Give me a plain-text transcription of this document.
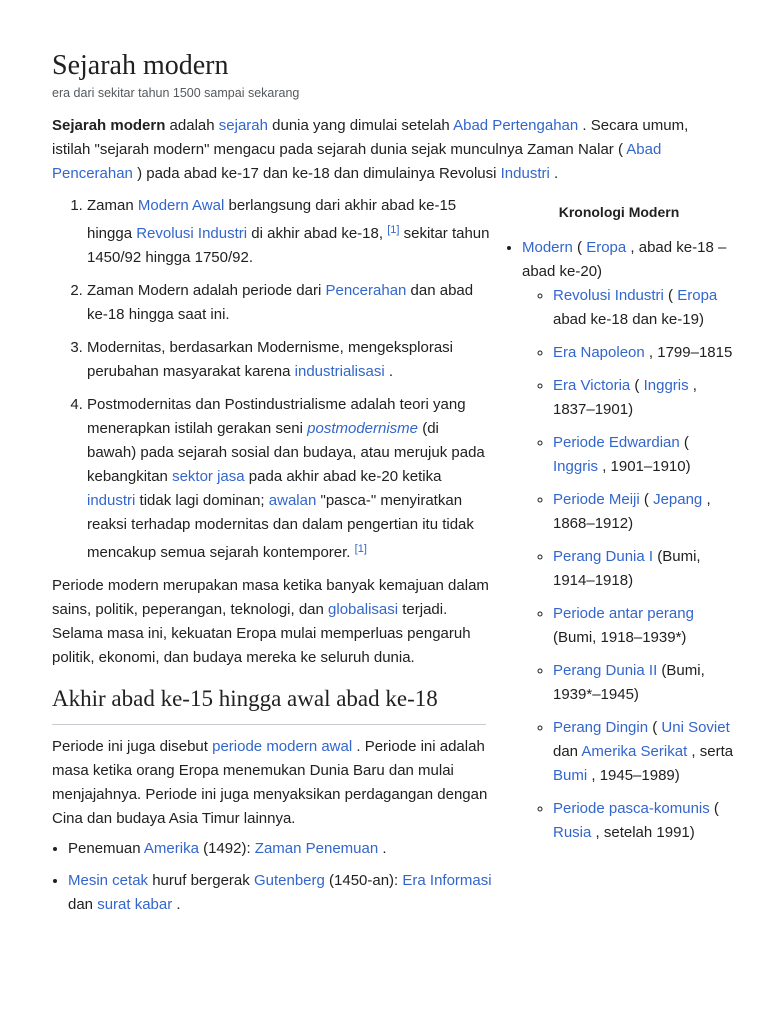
Sejarah modern
era dari sekitar tahun 1500 sampai sekarang
Sejarah modern adalah sejarah dunia yang dimulai setelah Abad Pertengahan . Secara umum, istilah "sejarah modern" mengacu pada sejarah dunia sejak munculnya Zaman Nalar ( Abad Pencerahan ) pada abad ke-17 dan ke-18 dan dimulainya Revolusi Industri .
1. Zaman Modern Awal berlangsung dari akhir abad ke-15 hingga Revolusi Industri di akhir abad ke-18, [1] sekitar tahun 1450/92 hingga 1750/92.
2. Zaman Modern adalah periode dari Pencerahan dan abad ke-18 hingga saat ini.
3. Modernitas, berdasarkan Modernisme, mengeksplorasi perubahan masyarakat karena industrialisasi .
4. Postmodernitas dan Postindustrialisme adalah teori yang menerapkan istilah gerakan seni postmodernisme (di bawah) pada sejarah sosial dan budaya, atau merujuk pada kebangkitan sektor jasa pada akhir abad ke-20 ketika industri tidak lagi dominan; awalan "pasca-" menyiratkan reaksi terhadap modernitas dan dalam pengertian itu tidak mencakup semua sejarah kontemporer. [1]

Periode modern merupakan masa ketika banyak kemajuan dalam sains, politik, peperangan, teknologi, dan globalisasi terjadi. Selama masa ini, kekuatan Eropa mulai memperluas pengaruh politik, ekonomi, dan budaya mereka ke seluruh dunia.

Akhir abad ke-15 hingga awal abad ke-18

Periode ini juga disebut periode modern awal . Periode ini adalah masa ketika orang Eropa menemukan Dunia Baru dan mulai menjajahnya. Periode ini juga menyaksikan perdagangan dengan Cina dan budaya Asia Timur lainnya.

• Penemuan Amerika (1492): Zaman Penemuan .
• Mesin cetak huruf bergerak Gutenberg (1450-an): Era Informasi dan surat kabar .
Kronologi Modern
• Modern ( Eropa , abad ke-18 – abad ke-20)
◦ Revolusi Industri ( Eropa abad ke-18 dan ke-19)
◦ Era Napoleon , 1799–1815
◦ Era Victoria ( Inggris , 1837–1901)
◦ Periode Edwardian ( Inggris , 1901–1910)
◦ Periode Meiji ( Jepang , 1868–1912)
◦ Perang Dunia I (Bumi, 1914–1918)
◦ Periode antar perang (Bumi, 1918–1939*)
◦ Perang Dunia II (Bumi, 1939*–1945)
◦ Perang Dingin ( Uni Soviet dan Amerika Serikat , serta Bumi , 1945–1989)
◦ Periode pasca-komunis ( Rusia , setelah 1991)
